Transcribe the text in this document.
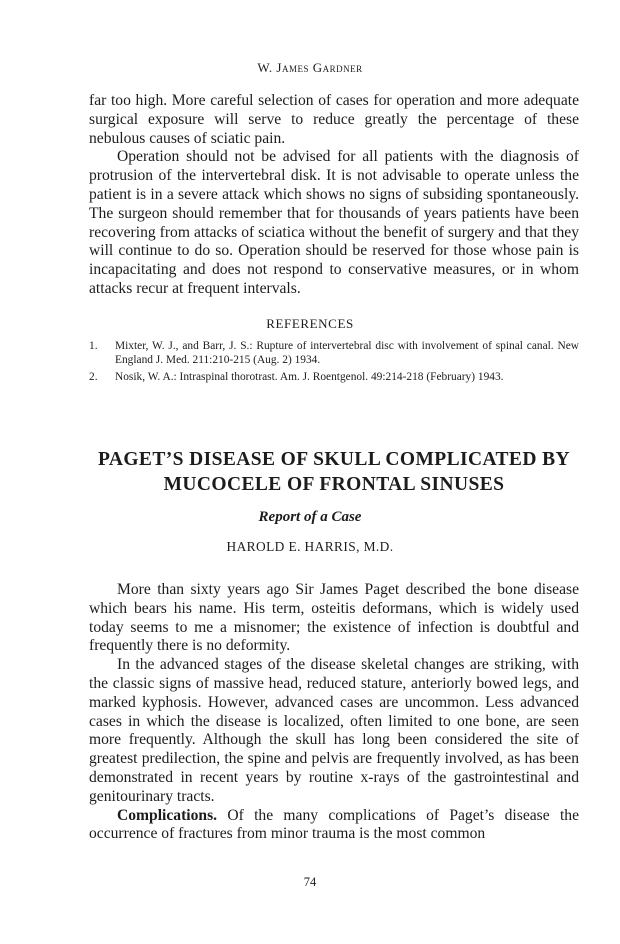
W. James Gardner

far too high. More careful selection of cases for operation and more adequate surgical exposure will serve to reduce greatly the percentage of these nebulous causes of sciatic pain.

Operation should not be advised for all patients with the diagnosis of protrusion of the intervertebral disk. It is not advisable to operate unless the patient is in a severe attack which shows no signs of subsiding spontaneously. The surgeon should remember that for thousands of years patients have been recovering from attacks of sciatica without the benefit of surgery and that they will continue to do so. Operation should be reserved for those whose pain is incapacitating and does not respond to conservative measures, or in whom attacks recur at frequent intervals.

REFERENCES
1. Mixter, W. J., and Barr, J. S.: Rupture of intervertebral disc with involvement of spinal canal. New England J. Med. 211:210-215 (Aug. 2) 1934.
2. Nosik, W. A.: Intraspinal thorotrast. Am. J. Roentgenol. 49:214-218 (February) 1943.
PAGET’S DISEASE OF SKULL COMPLICATED BY
MUCOCELE OF FRONTAL SINUSES
Report of a Case
HAROLD E. HARRIS, M.D.

More than sixty years ago Sir James Paget described the bone disease which bears his name. His term, osteitis deformans, which is widely used today seems to me a misnomer; the existence of infection is doubtful and frequently there is no deformity.

In the advanced stages of the disease skeletal changes are striking, with the classic signs of massive head, reduced stature, anteriorly bowed legs, and marked kyphosis. However, advanced cases are uncommon. Less advanced cases in which the disease is localized, often limited to one bone, are seen more frequently. Although the skull has long been considered the site of greatest predilection, the spine and pelvis are frequently involved, as has been demonstrated in recent years by routine x-rays of the gastrointestinal and genitourinary tracts.

Complications. Of the many complications of Paget’s disease the occurrence of fractures from minor trauma is the most common

74
